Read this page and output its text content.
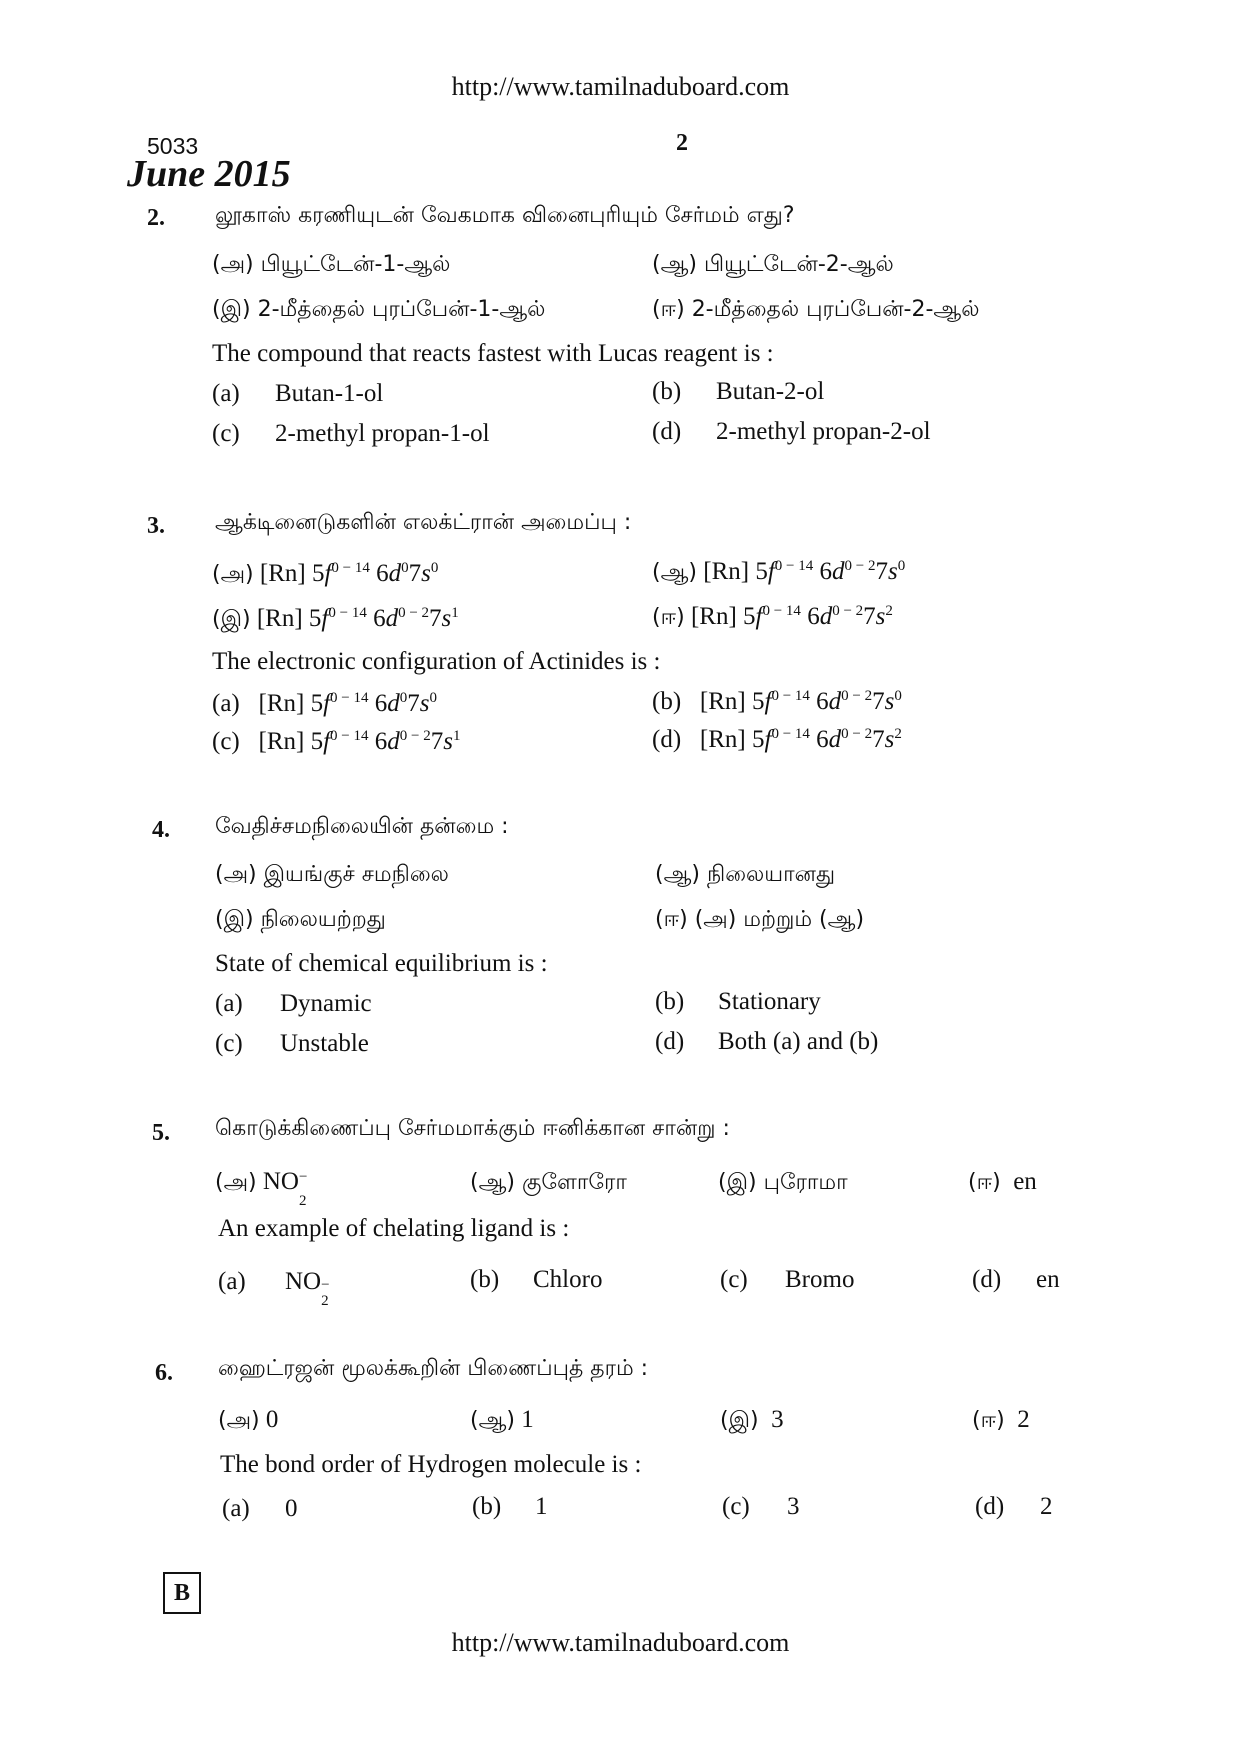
http://www.tamilnaduboard.com
5033	2
June 2015
2. லூகாஸ் கரணியுடன் வேகமாக வினைபுரியும் சேர்மம் எது?
(அ) பியூட்டேன்-1-ஆல்	(ஆ) பியூட்டேன்-2-ஆல்
(இ) 2-மீத்தைல் புரப்பேன்-1-ஆல்	(ஈ) 2-மீத்தைல் புரப்பேன்-2-ஆல்
The compound that reacts fastest with Lucas reagent is :
(a) Butan-1-ol	(b) Butan-2-ol
(c) 2-methyl propan-1-ol	(d) 2-methyl propan-2-ol
3. ஆக்டினைடுகளின் எலக்ட்ரான் அமைப்பு :
(அ) [Rn] $5f^{0 - 14}$ $6d^07s^0$	(ஆ) [Rn] $5f^{0 - 14}$ $6d^{0 - 2}7s^0$
(இ) [Rn] $5f^{0 - 14}$ $6d^{0 - 2}7s^1$	(ஈ) [Rn] $5f^{0 - 14}$ $6d^{0 - 2}7s^2$
The electronic configuration of Actinides is :
(a) [Rn] $5f^{0 - 14}$ $6d^07s^0$	(b) [Rn] $5f^{0 - 14}$ $6d^{0 - 2}7s^0$
(c) [Rn] $5f^{0 - 14}$ $6d^{0 - 2}7s^1$	(d) [Rn] $5f^{0 - 14}$ $6d^{0 - 2}7s^2$
4. வேதிச்சமநிலையின் தன்மை :
(அ) இயங்குச் சமநிலை	(ஆ) நிலையானது
(இ) நிலையற்றது	(ஈ) (அ) மற்றும் (ஆ)
State of chemical equilibrium is :
(a) Dynamic	(b) Stationary
(c) Unstable	(d) Both (a) and (b)
5. கொடுக்கிணைப்பு சேர்மமாக்கும் ஈனிக்கான சான்று :
(அ) NO −
2
(ஆ) குளோரோ	(இ) புரோமா	(ஈ) en
An example of chelating ligand is :
(a) NO −
2
(b) Chloro	(c) Bromo	(d) en
6. ஹைட்ரஜன் மூலக்கூறின் பிணைப்புத் தரம் :
(அ) 0	(ஆ) 1	(இ) 3	(ஈ) 2
The bond order of Hydrogen molecule is :
(a) 0	(b) 1	(c) 3	(d) 2
B
http://www.tamilnaduboard.com
